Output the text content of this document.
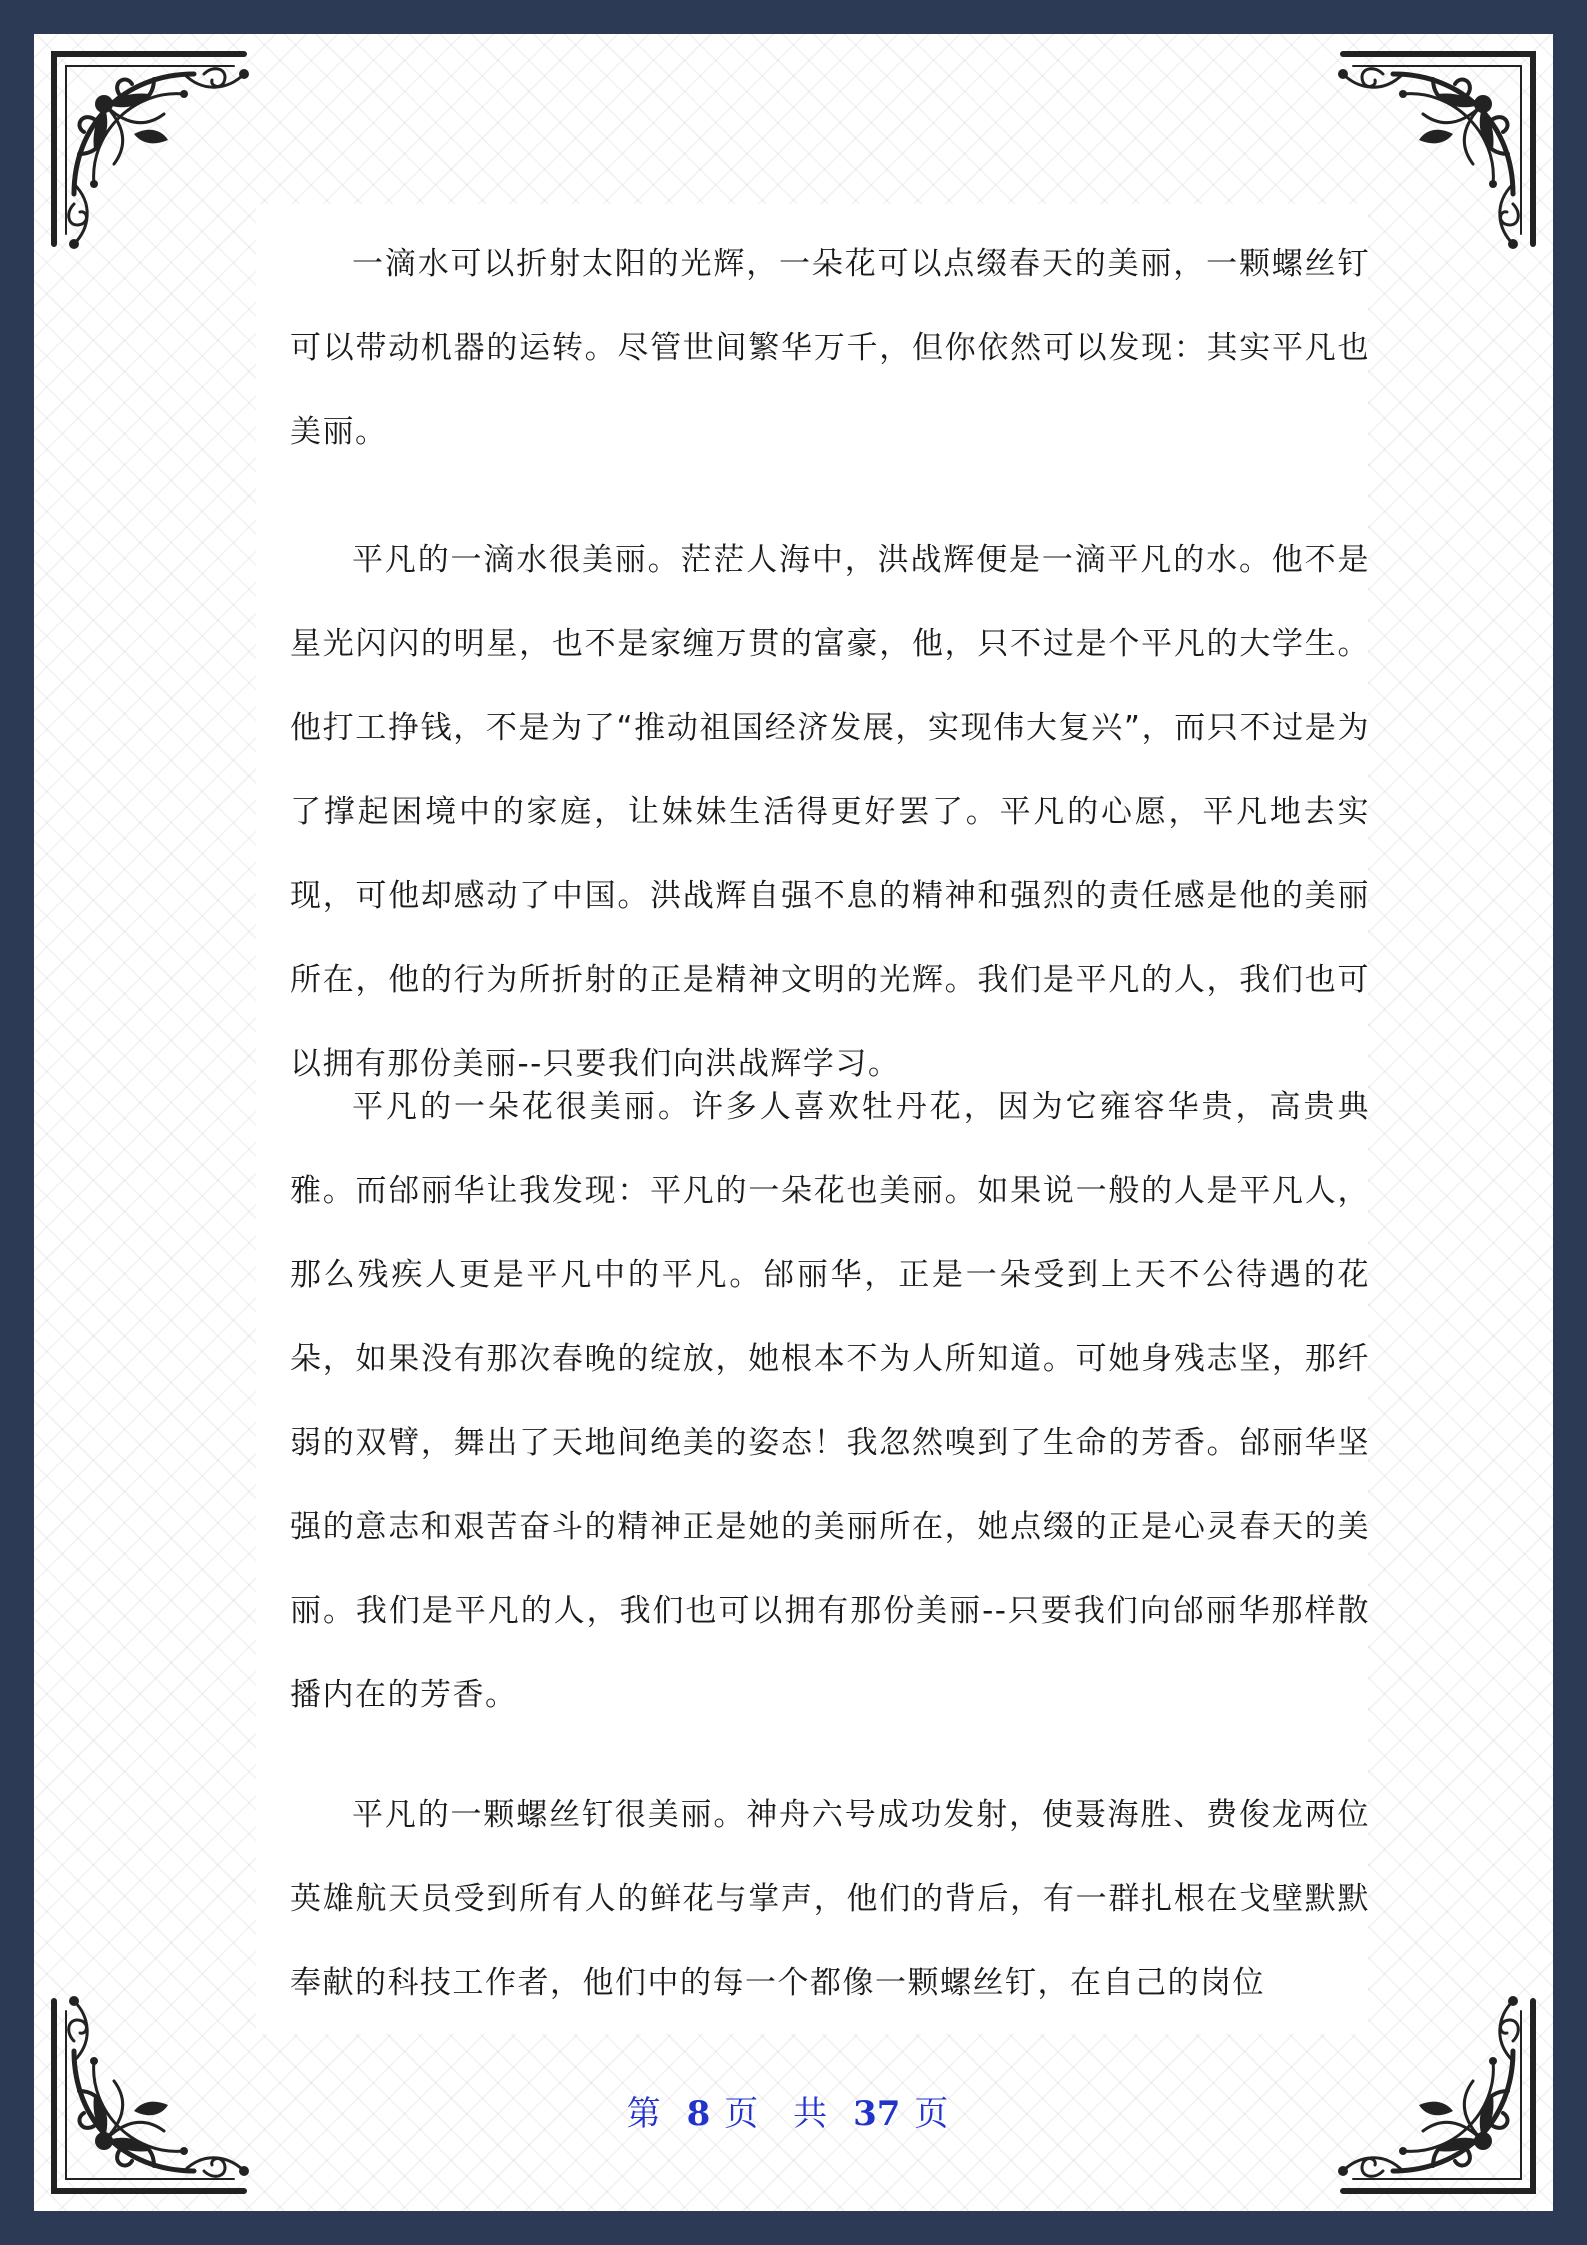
一滴水可以折射太阳的光辉，一朵花可以点缀春天的美丽，一颗螺丝钉可以带动机器的运转。尽管世间繁华万千，但你依然可以发现：其实平凡也美丽。

平凡的一滴水很美丽。茫茫人海中，洪战辉便是一滴平凡的水。他不是星光闪闪的明星，也不是家缠万贯的富豪，他，只不过是个平凡的大学生。他打工挣钱，不是为了“推动祖国经济发展，实现伟大复兴”，而只不过是为了撑起困境中的家庭，让妹妹生活得更好罢了。平凡的心愿，平凡地去实现，可他却感动了中国。洪战辉自强不息的精神和强烈的责任感是他的美丽所在，他的行为所折射的正是精神文明的光辉。我们是平凡的人，我们也可以拥有那份美丽--只要我们向洪战辉学习。

平凡的一朵花很美丽。许多人喜欢牡丹花，因为它雍容华贵，高贵典雅。而邰丽华让我发现：平凡的一朵花也美丽。如果说一般的人是平凡人，那么残疾人更是平凡中的平凡。邰丽华，正是一朵受到上天不公待遇的花朵，如果没有那次春晚的绽放，她根本不为人所知道。可她身残志坚，那纤弱的双臂，舞出了天地间绝美的姿态！我忽然嗅到了生命的芳香。邰丽华坚强的意志和艰苦奋斗的精神正是她的美丽所在，她点缀的正是心灵春天的美丽。我们是平凡的人，我们也可以拥有那份美丽--只要我们向邰丽华那样散播内在的芳香。

平凡的一颗螺丝钉很美丽。神舟六号成功发射，使聂海胜、费俊龙两位英雄航天员受到所有人的鲜花与掌声，他们的背后，有一群扎根在戈壁默默奉献的科技工作者，他们中的每一个都像一颗螺丝钉，在自己的岗位

第 8 页 共 37 页
